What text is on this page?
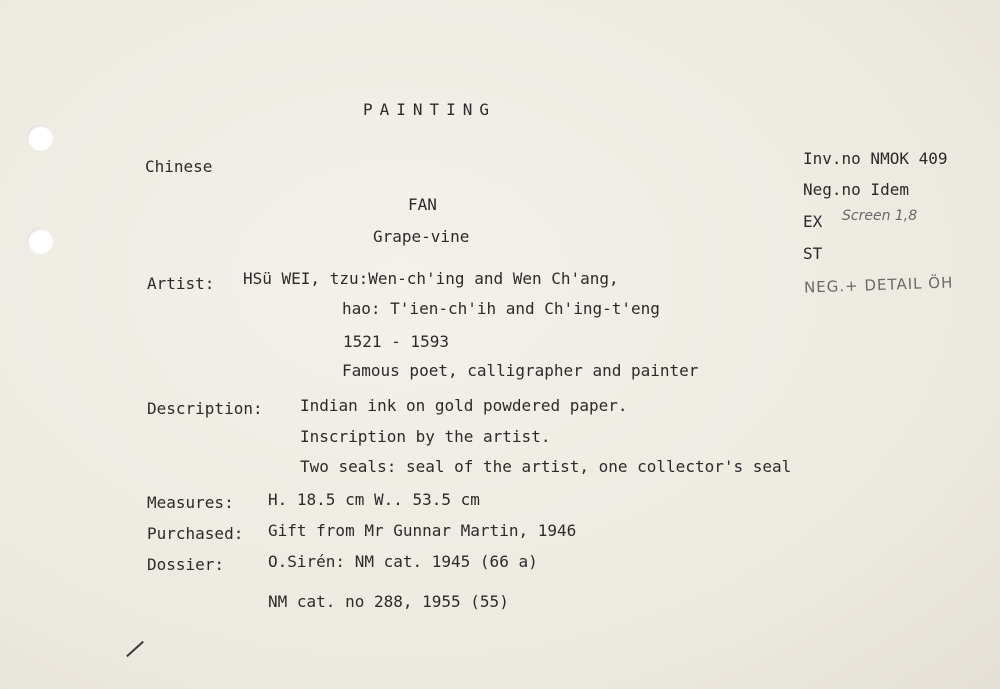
PAINTING
Chinese
FAN
Grape-vine
Inv.no NMOK 409
Neg.no Idem
EX Screen 1,8
ST
NEG.+ DETAIL ÖH
Artist: HSü WEI, tzu:Wen-ch'ing and Wen Ch'ang,
hao: T'ien-ch'ih and Ch'ing-t'eng
1521 - 1593
Famous poet, calligrapher and painter
Description: Indian ink on gold powdered paper.
Inscription by the artist.
Two seals: seal of the artist, one collector's seal
Measures: H. 18.5 cm W.. 53.5 cm
Purchased: Gift from Mr Gunnar Martin, 1946
Dossier:	O.Sirén: NM cat. 1945 (66 a)
NM cat. no 288, 1955 (55)
